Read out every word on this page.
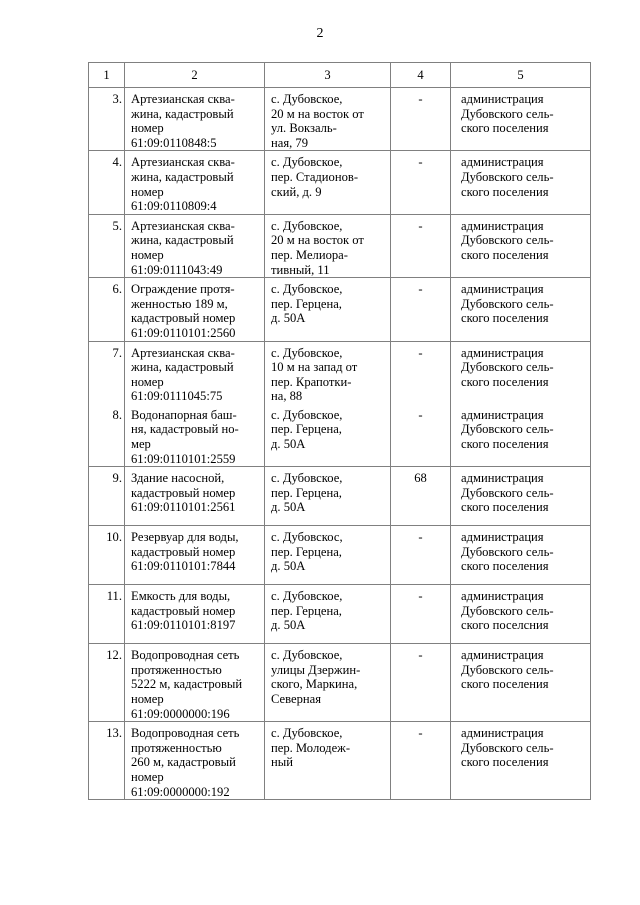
2
1	2	3	4	5
3.	Артезианская сква-
жина, кадастровый
номер
61:09:0110848:5	с. Дубовское,
20 м на восток от
ул. Вокзаль-
ная, 79	-	администрация
Дубовского сель-
ского поселения

4.	Артезианская сква-
жина, кадастровый
номер
61:09:0110809:4	с. Дубовское,
пер. Стадионов-
ский, д. 9	-	администрация
Дубовского сель-
ского поселения

5.	Артезианская сква-
жина, кадастровый
номер
61:09:0111043:49	с. Дубовское,
20 м на восток от
пер. Мелиора-
тивный, 11	-	администрация
Дубовского сель-
ского поселения

6.	Ограждение протя-
женностью 189 м,
кадастровый номер
61:09:0110101:2560	с. Дубовское,
пер. Герцена,
д. 50А	-	администрация
Дубовского сель-
ского поселения

7.	Артезианская сква-
жина, кадастровый
номер
61:09:0111045:75	с. Дубовское,
10 м на запад от
пер. Крапотки-
на, 88	-	администрация
Дубовского сель-
ского поселения

8.	Водонапорная баш-
ня, кадастровый но-
мер
61:09:0110101:2559	с. Дубовское,
пер. Герцена,
д. 50А	-	администрация
Дубовского сель-
ского поселения

9.	Здание насосной,
кадастровый номер
61:09:0110101:2561	с. Дубовское,
пер. Герцена,
д. 50А	68	администрация
Дубовского сель-
ского поселения

10.	Резервуар для воды,
кадастровый номер
61:09:0110101:7844	с. Дубовскос,
пер. Герцена,
д. 50А	-	администрация
Дубовского сель-
ского поселения

11.	Емкость для воды,
кадастровый номер
61:09:0110101:8197	с. Дубовское,
пер. Герцена,
д. 50А	-	администрация
Дубовского сель-
ского поселсния

12.	Водопроводная сеть
протяженностью
5222 м, кадастровый
номер
61:09:0000000:196	с. Дубовское,
улицы Дзержин-
ского, Маркина,
Северная	-	администрация
Дубовского сель-
ского поселения

13.	Водопроводная сеть
протяженностью
260 м, кадастровый
номер
61:09:0000000:192	с. Дубовское,
пер. Молодеж-
ный	-	администрация
Дубовского сель-
ского поселения
